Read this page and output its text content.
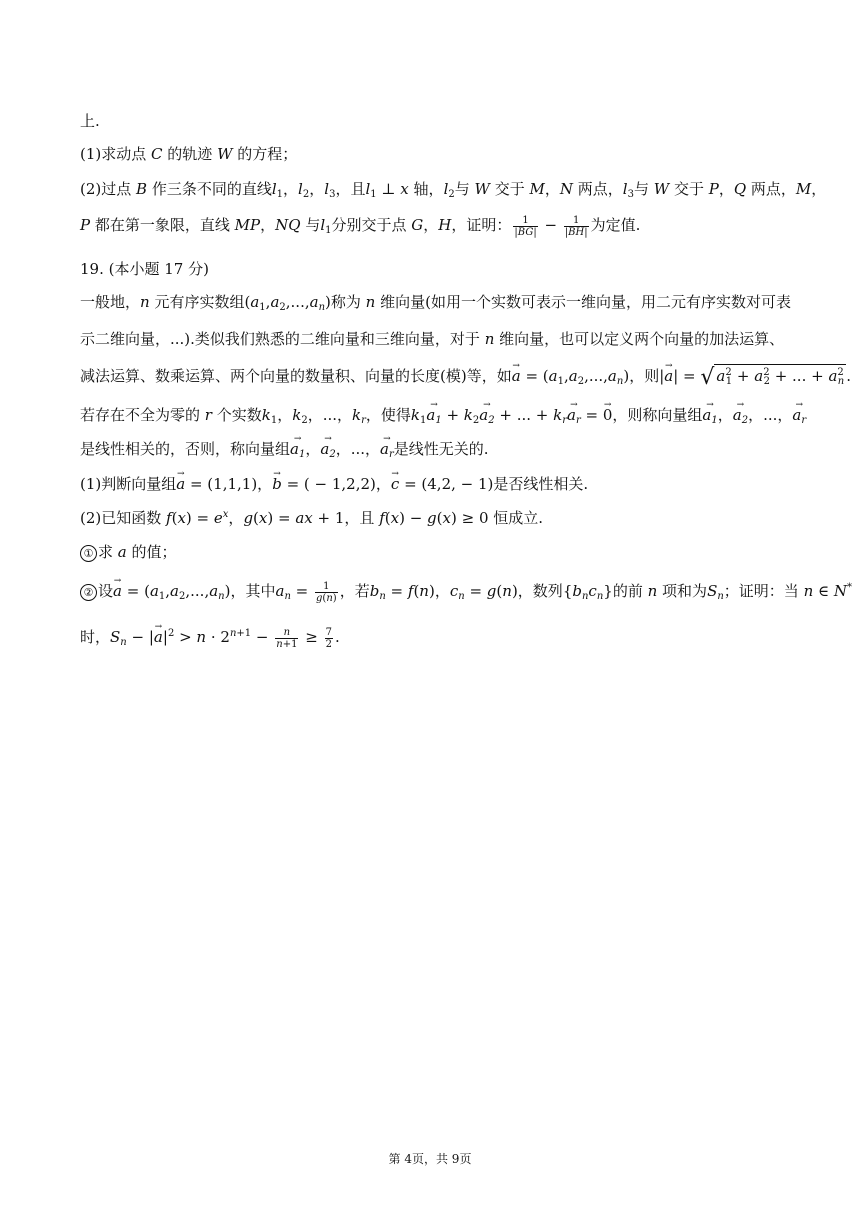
上.
(1)求动点 C 的轨迹 W 的方程；
(2)过点 B 作三条不同的直线$l_1$，$l_2$，$l_3$，且$l_1$ ⊥ x 轴，$l_2$与 W 交于 M，N 两点，$l_3$与 W 交于 P，Q 两点，M，
P 都在第一象限，直线 MP，NQ 与$l_1$分别交于点 G，H，证明： $\frac{1}{|BG|} - \frac{1}{|BH|}$ 为定值.
19. (本小题 17 分)
一般地，n 元有序实数组$(a_1,a_2,...,a_n)$称为 n 维向量(如用一个实数可表示一维向量，用二元有序实数对可表
示二维向量，...).类似我们熟悉的二维向量和三维向量，对于 n 维向量，也可以定义两个向量的加法运算、
减法运算、数乘运算、两个向量的数量积、向量的长度(模)等，如→ $a = (a_1,a_2,...,a_n)$，则|→ a| = √ $a^2_1 + a^2_2$ + ... + $a^2_n$ .
若存在不全为零的 r 个实数$k_1$，$k_2$，...，$k_r$，使得$k_1\to a_1 + k_2\to a_2$ + ... + $k_r\to a_r$ = → 0，则称向量组→ $a_1$，→ $a_2$，...，→ $a_r$
是线性相关的，否则，称向量组→ $a_1$，→ $a_2$，...，→ $a_r$是线性无关的.
(1)判断向量组→ a = (1,1,1)，→ b = ( − 1,2,2)，→ c = (4,2, − 1)是否线性相关.
(2)已知函数 $f(x) = e^x$，g(x) = ax + 1，且 f(x) − g(x) ≥ 0 恒成立.
① 求 a 的值；
② 设→ $a = (a_1,a_2,...,a_n)$，其中$a_n = \frac{1}{g(n)}$ ，若$b_n = f(n)$，$c_n = g(n)$，数列$\{b_nc_n\}$的前 n 项和为$S_n$；证明：当 n ∈ N*
时，$S_n$ − |→ $a|^2 > n \cdot 2^{n+1} - \frac{n}{n+1} \ge \frac{7}{2}$ .
第 4页，共 9页
